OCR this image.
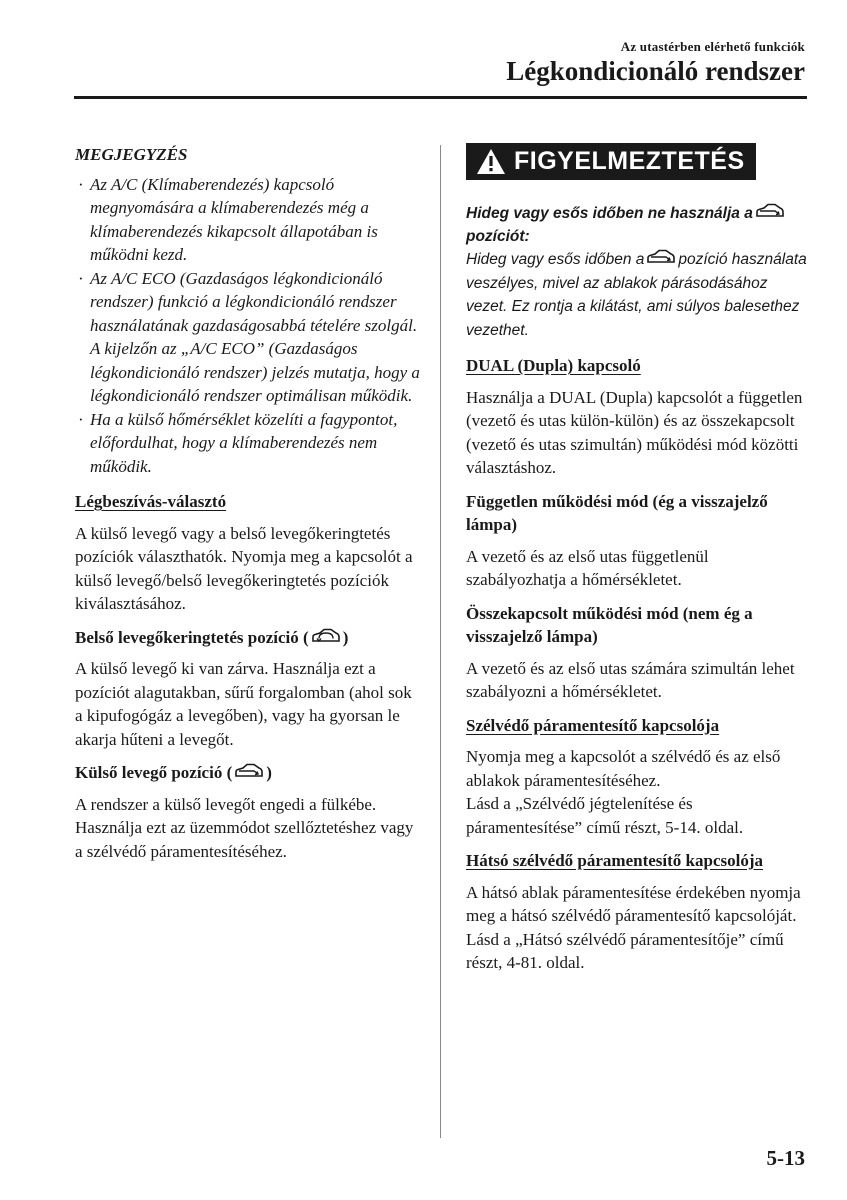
Az utastérben elérhető funkciók
Légkondicionáló rendszer
MEGJEGYZÉS
· Az A/C (Klímaberendezés) kapcsoló megnyomására a klímaberendezés még a klímaberendezés kikapcsolt állapotában is működni kezd.
· Az A/C ECO (Gazdaságos légkondicionáló rendszer) funkció a légkondicionáló rendszer használatának gazdaságosabbá tételére szolgál. A kijelzőn az „A/C ECO” (Gazdaságos légkondicionáló rendszer) jelzés mutatja, hogy a légkondicionáló rendszer optimálisan működik.
· Ha a külső hőmérséklet közelíti a fagypontot, előfordulhat, hogy a klímaberendezés nem működik.
Légbeszívás-választó

A külső levegő vagy a belső levegőkeringtetés pozíciók választhatók. Nyomja meg a kapcsolót a külső levegő/belső levegőkeringtetés pozíciók kiválasztásához.

Belső levegőkeringtetés pozíció ( )

A külső levegő ki van zárva. Használja ezt a pozíciót alagutakban, sűrű forgalomban (ahol sok a kipufogógáz a levegőben), vagy ha gyorsan le akarja hűteni a levegőt.

Külső levegő pozíció ( )

A rendszer a külső levegőt engedi a fülkébe. Használja ezt az üzemmódot szellőztetéshez vagy a szélvédő páramentesítéséhez.

FIGYELMEZTETÉS

Hideg vagy esős időben ne használja a
pozíciót:

Hideg vagy esős időben a pozíció használata veszélyes, mivel az ablakok párásodásához vezet. Ez rontja a kilátást, ami súlyos balesethez vezethet.

DUAL (Dupla) kapcsoló

Használja a DUAL (Dupla) kapcsolót a független (vezető és utas külön-külön) és az összekapcsolt (vezető és utas szimultán) működési mód közötti választáshoz.

Független működési mód (ég a visszajelző lámpa)

A vezető és az első utas függetlenül szabályozhatja a hőmérsékletet.

Összekapcsolt működési mód (nem ég a visszajelző lámpa)

A vezető és az első utas számára szimultán lehet szabályozni a hőmérsékletet.

Szélvédő páramentesítő kapcsolója

Nyomja meg a kapcsolót a szélvédő és az első ablakok páramentesítéséhez.

Lásd a „Szélvédő jégtelenítése és páramentesítése” című részt, 5-14. oldal.

Hátsó szélvédő páramentesítő kapcsolója

A hátsó ablak páramentesítése érdekében nyomja meg a hátsó szélvédő páramentesítő kapcsolóját.

Lásd a „Hátsó szélvédő páramentesítője” című részt, 4-81. oldal.

5-13
